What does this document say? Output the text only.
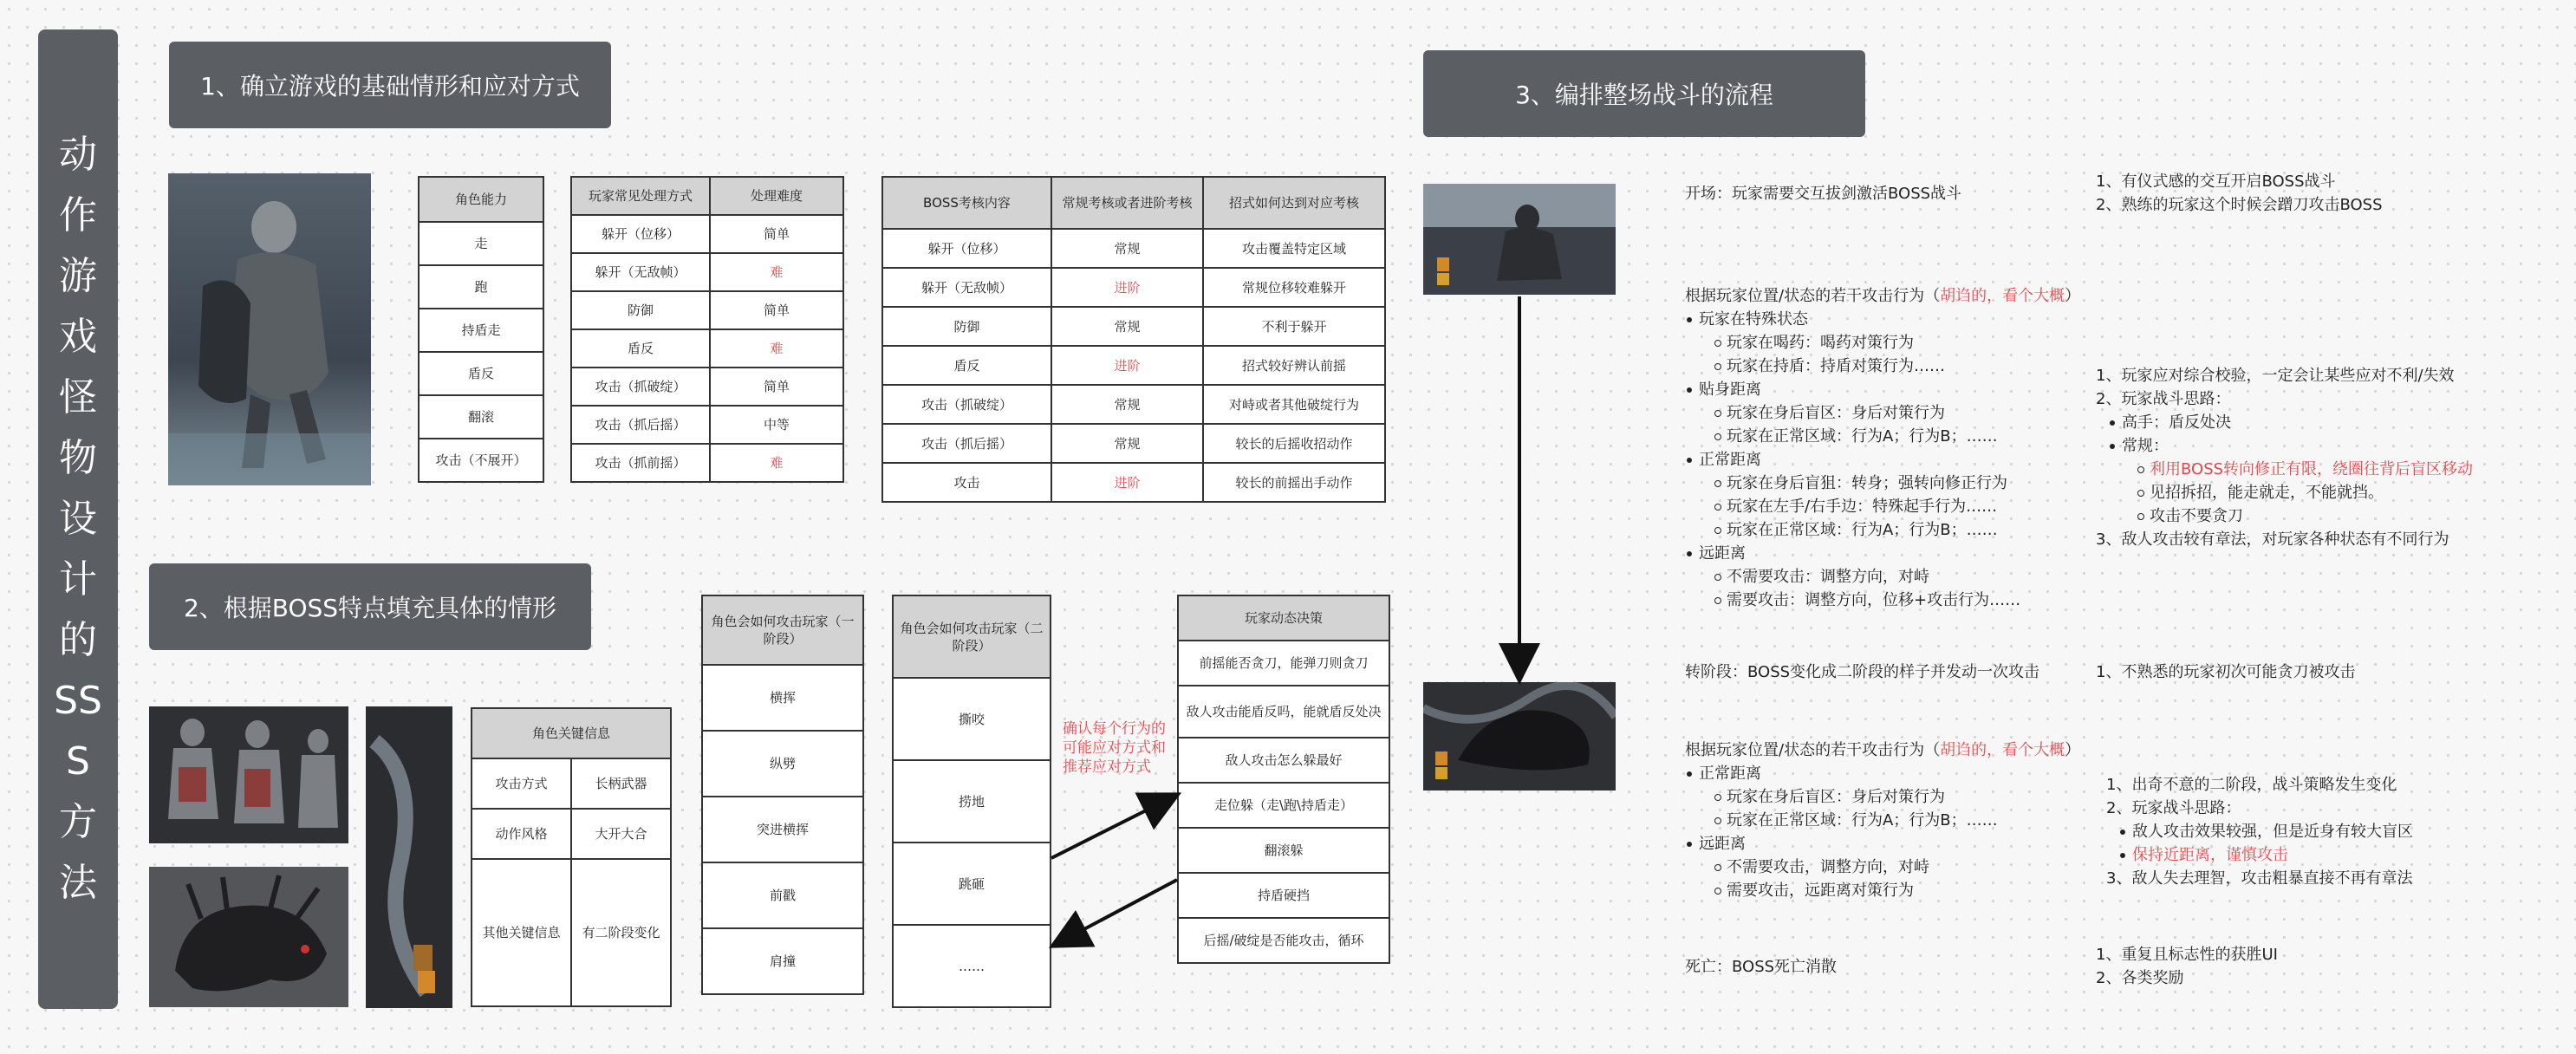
动作游戏怪物设计的SSS方法
1、确立游戏的基础情形和应对方式
2、根据BOSS特点填充具体的情形
3、编排整场战斗的流程
角色能力
走
跑
持盾走
盾反
翻滚
攻击（不展开）
玩家常见处理方式	处理难度
躲开（位移）	简单
躲开（无敌帧）	难
防御	简单
盾反	难
攻击（抓破绽）	简单
攻击（抓后摇）	中等
攻击（抓前摇）	难
BOSS考核内容	常规考核或者进阶考核	招式如何达到对应考核
躲开（位移）	常规	攻击覆盖特定区域
躲开（无敌帧）	进阶	常规位移较难躲开
防御	常规	不利于躲开
盾反	进阶	招式较好辨认前摇
攻击（抓破绽）	常规	对峙或者其他破绽行为
攻击（抓后摇）	常规	较长的后摇收招动作
攻击	进阶	较长的前摇出手动作
角色关键信息	
攻击方式	长柄武器
动作风格	大开大合
其他关键信息	有二阶段变化
角色会如何攻击玩家（一阶段）
横挥
纵劈
突进横挥
前戳
肩撞
角色会如何攻击玩家（二阶段）
撕咬
捞地
跳砸
……
玩家动态决策
前摇能否贪刀，能弹刀则贪刀
敌人攻击能盾反吗，能就盾反处决
敌人攻击怎么躲最好
走位躲（走\跑\持盾走）
翻滚躲
持盾硬挡
后摇/破绽是否能攻击，循环
确认每个行为的可能应对方式和推荐应对方式
开场：玩家需要交互拔剑激活BOSS战斗
1、有仪式感的交互开启BOSS战斗
2、熟练的玩家这个时候会蹭刀攻击BOSS
根据玩家位置/状态的若干攻击行为（胡诌的，看个大概）
玩家在特殊状态
玩家在喝药：喝药对策行为
玩家在持盾：持盾对策行为……
贴身距离
玩家在身后盲区：身后对策行为
玩家在正常区域：行为A；行为B；……
正常距离
玩家在身后盲狙：转身；强转向修正行为
玩家在左手/右手边：特殊起手行为……
玩家在正常区域：行为A；行为B；……
远距离
不需要攻击：调整方向，对峙
需要攻击：调整方向，位移+攻击行为……
1、玩家应对综合校验，一定会让某些应对不利/失效
2、玩家战斗思路：
高手：盾反处决
常规：
利用BOSS转向修正有限，绕圈往背后盲区移动
见招拆招，能走就走，不能就挡。
攻击不要贪刀
3、敌人攻击较有章法，对玩家各种状态有不同行为
转阶段：BOSS变化成二阶段的样子并发动一次攻击	1、不熟悉的玩家初次可能贪刀被攻击
根据玩家位置/状态的若干攻击行为（胡诌的，看个大概）
正常距离
玩家在身后盲区：身后对策行为
玩家在正常区域：行为A；行为B；……
远距离
不需要攻击，调整方向，对峙
需要攻击，远距离对策行为
1、出奇不意的二阶段，战斗策略发生变化
2、玩家战斗思路：
敌人攻击效果较强，但是近身有较大盲区
保持近距离，谨慎攻击
3、敌人失去理智，攻击粗暴直接不再有章法
死亡：BOSS死亡消散
1、重复且标志性的获胜UI
2、各类奖励
